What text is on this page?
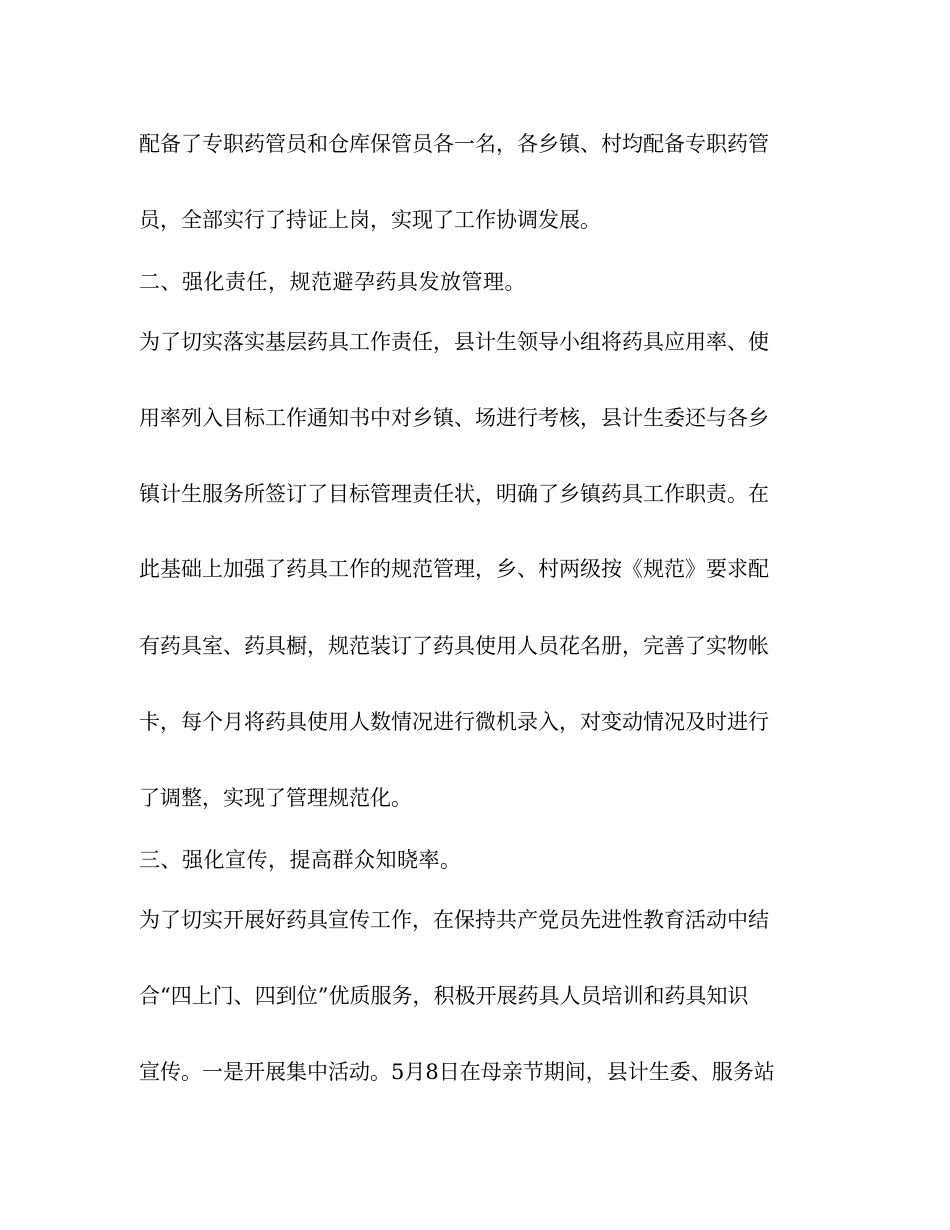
配备了专职药管员和仓库保管员各一名，各乡镇、村均配备专职药管
员，全部实行了持证上岗，实现了工作协调发展。
二、强化责任，规范避孕药具发放管理。
为了切实落实基层药具工作责任，县计生领导小组将药具应用率、使
用率列入目标工作通知书中对乡镇、场进行考核，县计生委还与各乡
镇计生服务所签订了目标管理责任状，明确了乡镇药具工作职责。在
此基础上加强了药具工作的规范管理，乡、村两级按《规范》要求配
有药具室、药具橱，规范装订了药具使用人员花名册，完善了实物帐
卡，每个月将药具使用人数情况进行微机录入，对变动情况及时进行
了调整，实现了管理规范化。
三、强化宣传，提高群众知晓率。
为了切实开展好药具宣传工作，在保持共产党员先进性教育活动中结
合“四上门、四到位”优质服务，积极开展药具人员培训和药具知识
宣传。一是开展集中活动。5月8日在母亲节期间，县计生委、服务站
